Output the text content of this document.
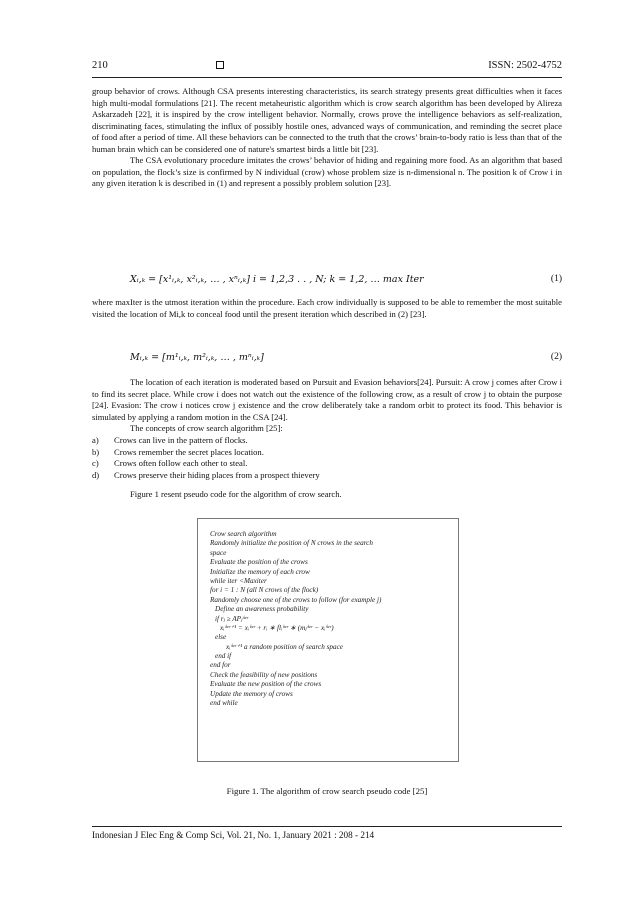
210	ISSN: 2502-4752

group behavior of crows. Although CSA presents interesting characteristics, its search strategy presents great difficulties when it faces high multi-modal formulations [21]. The recent metaheuristic algorithm which is crow search algorithm has been developed by Alireza Askarzadeh [22], it is inspired by the crow intelligent behavior. Normally, crows prove the intelligence behaviors as self-realization, discriminating faces, stimulating the influx of possibly hostile ones, advanced ways of communication, and reminding the secret place of food after a period of time. All these behaviors can be connected to the truth that the crows’ brain-to-body ratio is less than that of the human brain which can be considered one of nature's smartest birds a little bit [23].

The CSA evolutionary procedure imitates the crows’ behavior of hiding and regaining more food. As an algorithm that based on population, the flock’s size is confirmed by N individual (crow) whose problem size is n-dimensional n. The position k of Crow i in any given iteration k is described in (1) and represent a possibly problem solution [23].

Xᵢ,ₖ = [x¹ᵢ,ₖ, x²ᵢ,ₖ, … , xⁿᵢ,ₖ] i = 1,2,3 . . , N; k = 1,2, … max Iter	(1)

where maxIter is the utmost iteration within the procedure. Each crow individually is supposed to be able to remember the most suitable visited the location of Mi,k to conceal food until the present iteration which described in (2) [23].

Mᵢ,ₖ = [m¹ᵢ,ₖ, m²ᵢ,ₖ, … , mⁿᵢ,ₖ]	(2)

The location of each iteration is moderated based on Pursuit and Evasion behaviors[24]. Pursuit: A crow j comes after Crow i to find its secret place. While crow i does not watch out the existence of the following crow, as a result of crow j to obtain the purpose [24]. Evasion: The crow i notices crow j existence and the crow deliberately take a random orbit to protect its food. This behavior is simulated by applying a random motion in the CSA [24].

The concepts of crow search algorithm [25]:

a) Crows can live in the pattern of flocks.
b) Crows remember the secret places location.
c) Crows often follow each other to steal.
d) Crows preserve their hiding places from a prospect thievery

Figure 1 resent pseudo code for the algorithm of crow search.

Crow search algorithm
Randomly initialize the position of N crows in the search
space
Evaluate the position of the crows
Initialize the memory of each crow
while iter <Maxiter
for i = 1 : N (all N crows of the flock)
Randomly choose one of the crows to follow (for example j)
Define an awareness probability
if rⱼ ≥ APⱼⁱᵗᵉʳ
xᵢⁱᵗᵉʳ⁺¹ = xᵢⁱᵗᵉʳ + rᵢ ∗ flᵢⁱᵗᵉʳ ∗ (mⱼⁱᵗᵉʳ − xᵢⁱᵗᵉʳ)
else
xᵢⁱᵗᵉʳ⁺¹ a random position of search space
end if
end for
Check the feasibility of new positions
Evaluate the new position of the crows
Update the memory of crows
end while
Figure 1. The algorithm of crow search pseudo code [25]
Indonesian J Elec Eng & Comp Sci, Vol. 21, No. 1, January 2021 : 208 - 214
